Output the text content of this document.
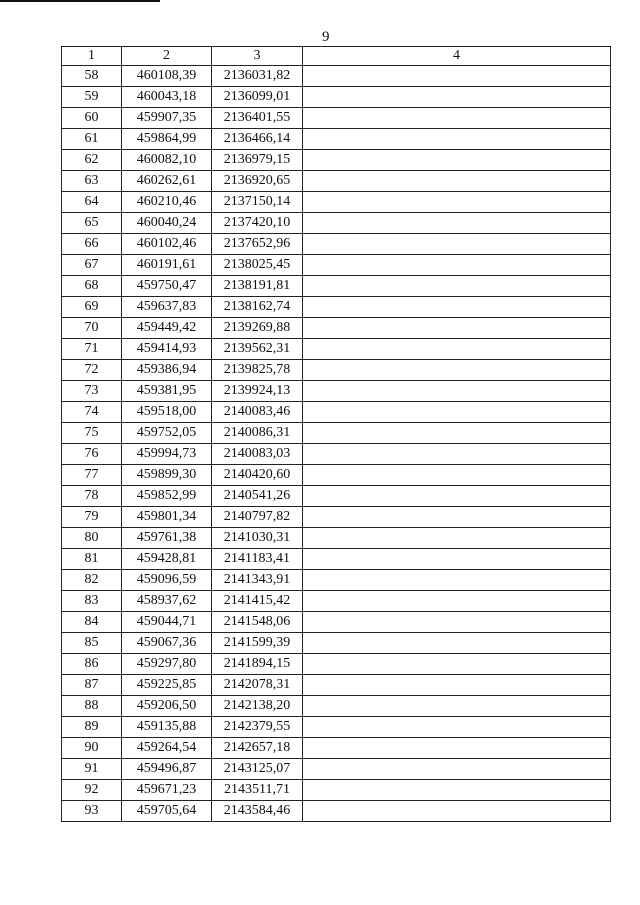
9
1	2	3	4
58	460108,39	2136031,82	
59	460043,18	2136099,01	
60	459907,35	2136401,55	
61	459864,99	2136466,14	
62	460082,10	2136979,15	
63	460262,61	2136920,65	
64	460210,46	2137150,14	
65	460040,24	2137420,10	
66	460102,46	2137652,96	
67	460191,61	2138025,45	
68	459750,47	2138191,81	
69	459637,83	2138162,74	
70	459449,42	2139269,88	
71	459414,93	2139562,31	
72	459386,94	2139825,78	
73	459381,95	2139924,13	
74	459518,00	2140083,46	
75	459752,05	2140086,31	
76	459994,73	2140083,03	
77	459899,30	2140420,60	
78	459852,99	2140541,26	
79	459801,34	2140797,82	
80	459761,38	2141030,31	
81	459428,81	2141183,41	
82	459096,59	2141343,91	
83	458937,62	2141415,42	
84	459044,71	2141548,06	
85	459067,36	2141599,39	
86	459297,80	2141894,15	
87	459225,85	2142078,31	
88	459206,50	2142138,20	
89	459135,88	2142379,55	
90	459264,54	2142657,18	
91	459496,87	2143125,07	
92	459671,23	2143511,71	
93	459705,64	2143584,46	
